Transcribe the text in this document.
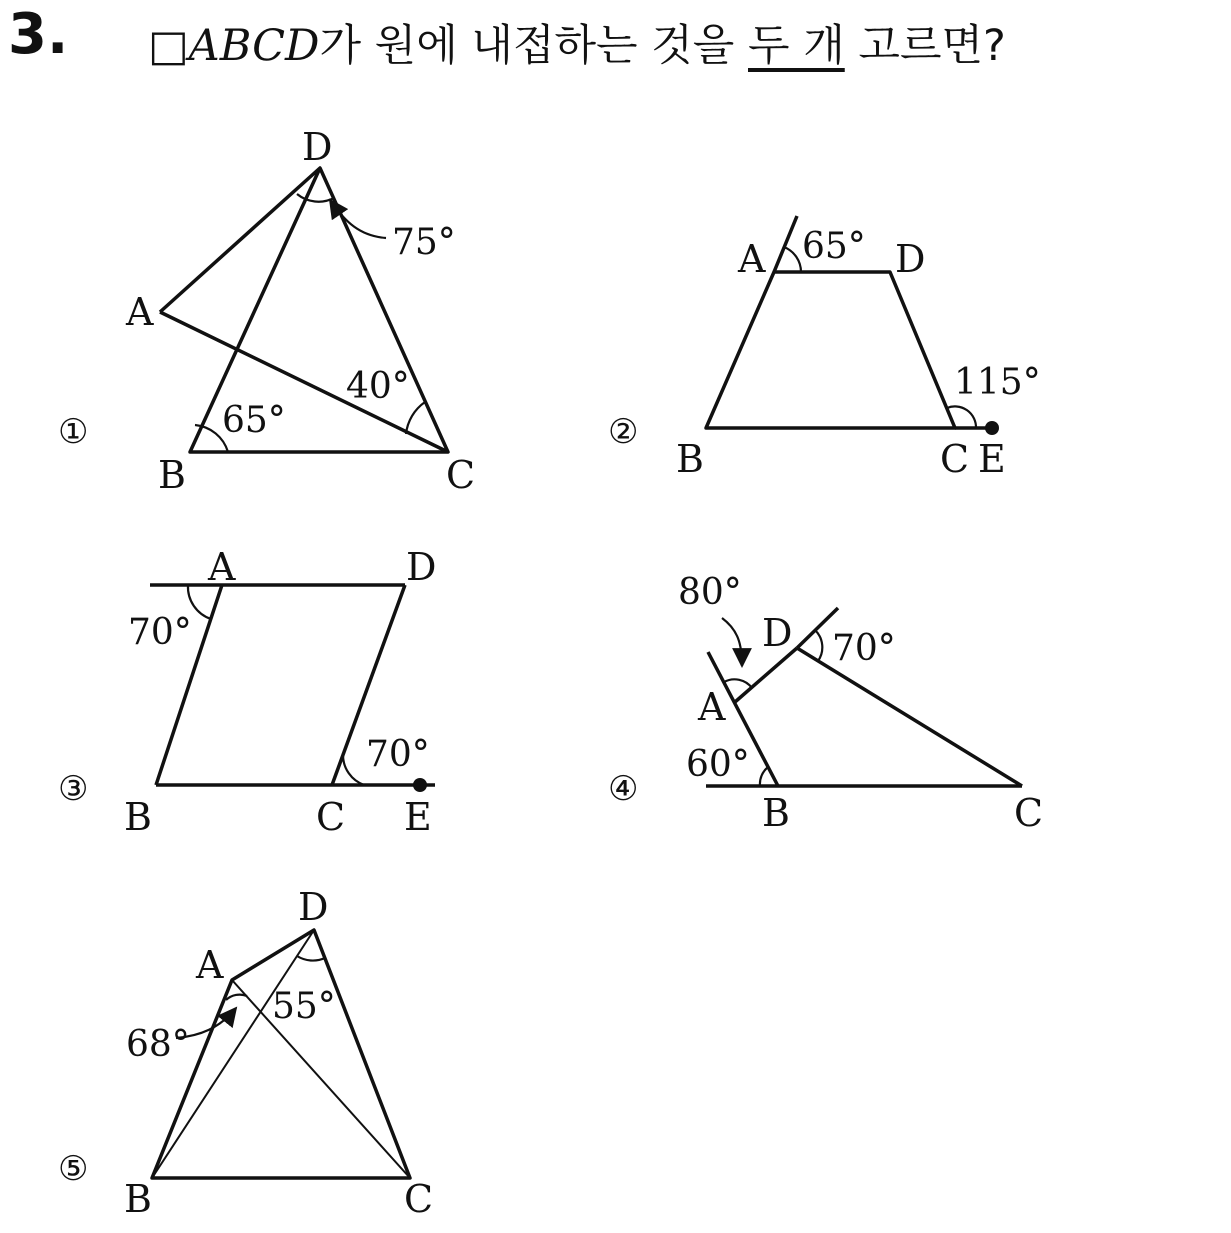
3. □ABCD가 원에 내접하는 것을 두 개 고르면?
①
D
A
B	C
75°
40°
65°	②
A	D
B	C E
65°
115°
③
A	D
B	C E
70°
70°
④
A
B	C
D
80°
70°
60°
⑤
A
B	C
D
68°
55°
